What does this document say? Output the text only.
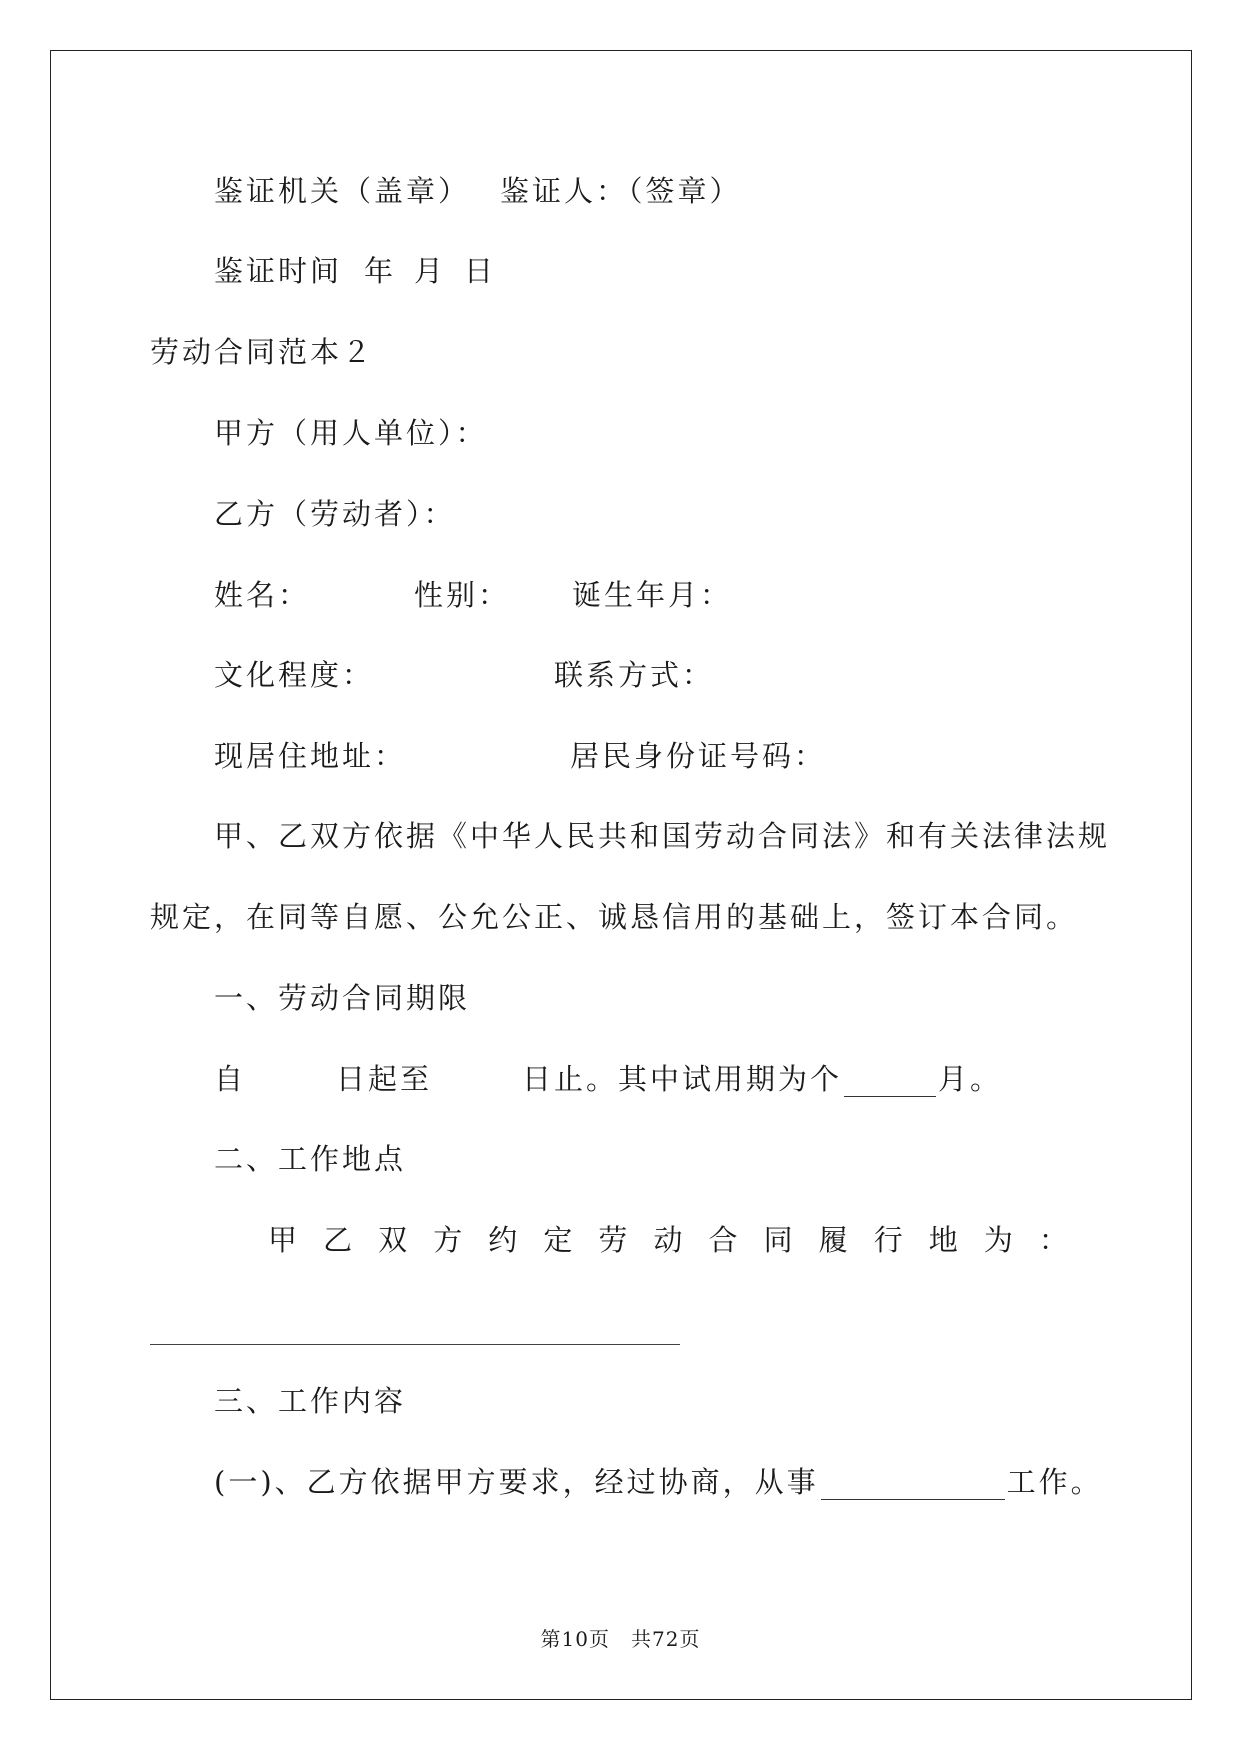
鉴证机关（盖章） 鉴证人：（签章）
鉴证时间 年 月 日
劳动合同范本２
甲方（用人单位）：
乙方（劳动者）：
姓名：	性别： 诞生年月：
文化程度：	联系方式：
现居住地址：	居民身份证号码：
甲、乙双方依据《中华人民共和国劳动合同法》和有关法律法规
规定，在同等自愿、公允公正、诚恳信用的基础上，签订本合同。
一、劳动合同期限
自	日起至	日止。其中试用期为个	月。
二、工作地点
甲 乙 双 方 约 定 劳 动 合 同 履 行 地 为 ：
三、工作内容
(一)、乙方依据甲方要求，经过协商，从事	工作。
第10页　共72页
